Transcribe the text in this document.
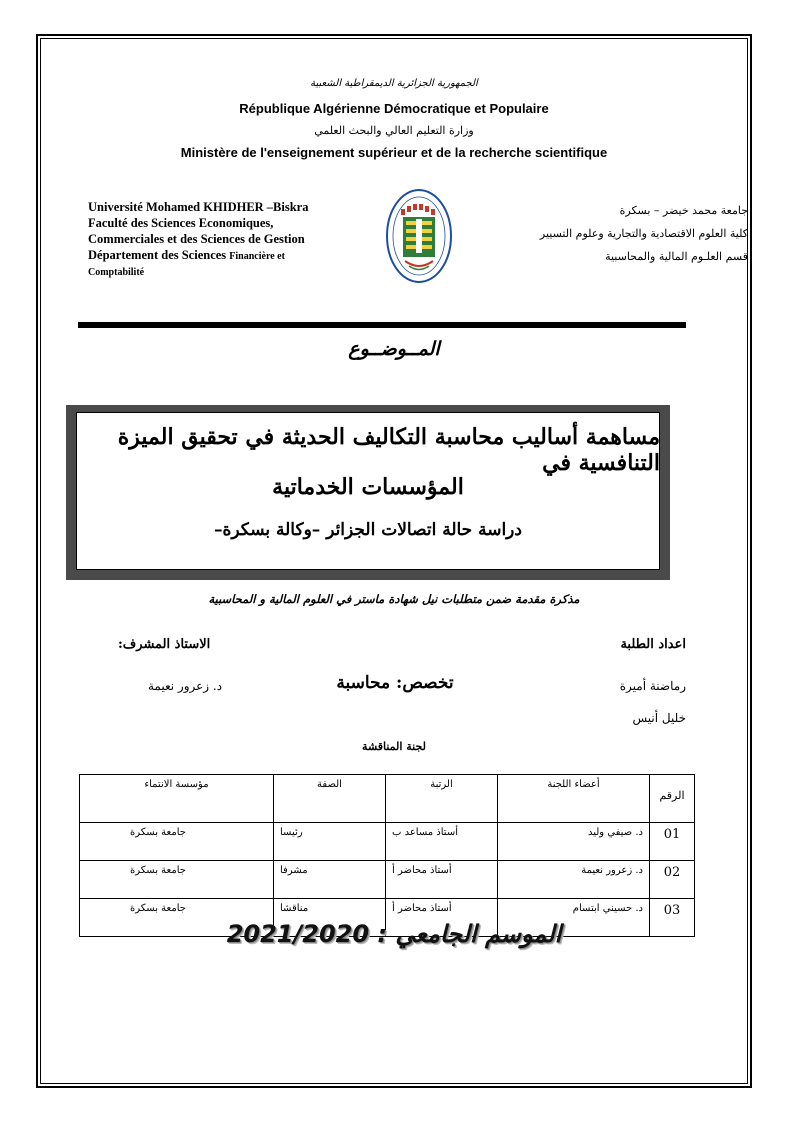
الجمهورية الجزائرية الديمقراطية الشعبية
République Algérienne Démocratique et Populaire
وزارة التعليم العالي والبحث العلمي
Ministère de l'enseignement supérieur et de la recherche scientifique
Université Mohamed KHIDHER –Biskra
Faculté des Sciences Economiques,
Commerciales et des Sciences de Gestion
Département des Sciences Financière et
Comptabilité
جامعة محمد خيضر – بسكرة
كلية العلوم الاقتصادية والتجارية وعلوم التسيير
قسم العلـوم المالية والمحاسبية
المــوضــوع
مساهمة أساليب محاسبة التكاليف الحديثة في تحقيق الميزة التنافسية في
المؤسسات الخدماتية
دراسة حالة اتصالات الجزائر –وكالة بسكرة–
مذكرة مقدمة ضمن متطلبات نيل شهادة ماستر في العلوم المالية و المحاسبية
اعداد الطلبة
الاستاذ المشرف:
رماضنة أميرة
تخصص: محاسبة
د. زعرور نعيمة
خليل أنيس
لجنة المناقشة
الرقم	أعضاء اللجنة	الرتبة	الصفة	مؤسسة الانتماء
01	د. صيفي وليد	أستاذ مساعد ب	رئيسا	جامعة بسكرة
02	د. زعرور نعيمة	أستاذ محاضر أ	مشرفا	جامعة بسكرة
03	د. حسيني ابتسام	أستاذ محاضر أ	مناقشا	جامعة بسكرة
الموسم الجامعي : 2021/2020
